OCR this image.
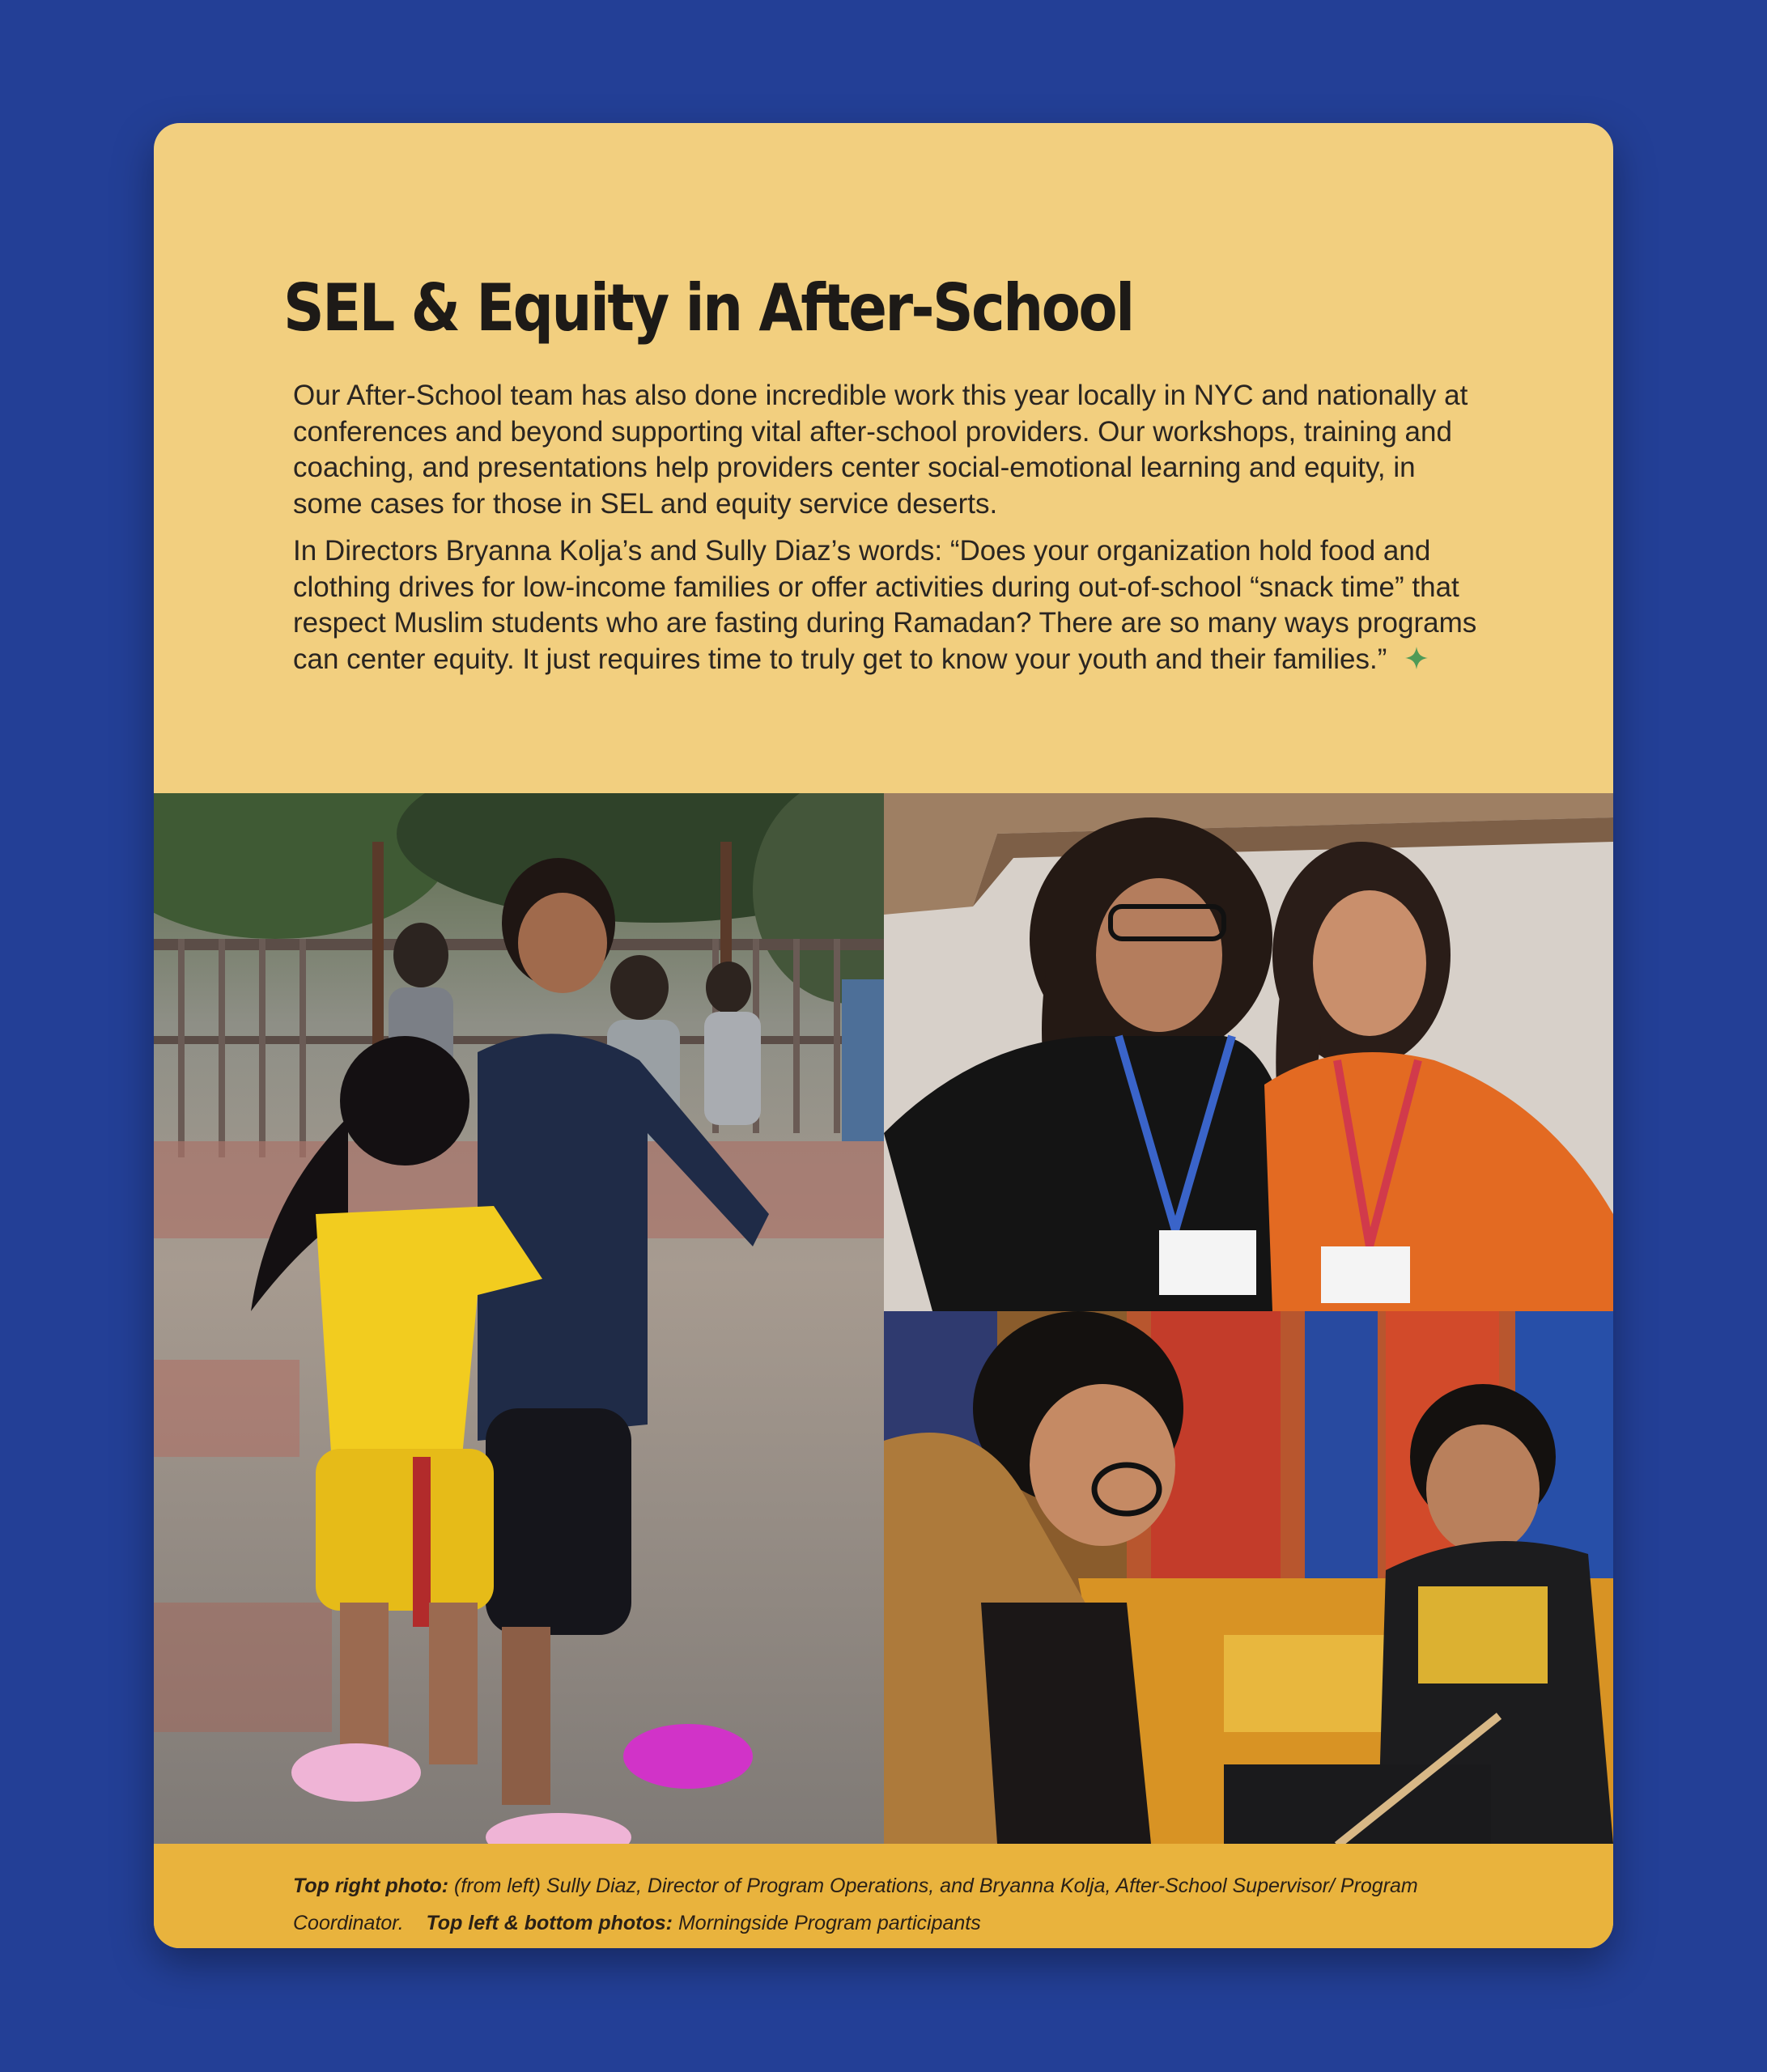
SEL & Equity in After-School

Our After-School team has also done incredible work this year locally in NYC and nationally at conferences and beyond supporting vital after-school providers. Our workshops, training and coaching, and presentations help providers center social-emotional learning and equity, in some cases for those in SEL and equity service deserts.

In Directors Bryanna Kolja’s and Sully Diaz’s words: “Does your organization hold food and clothing drives for low-income families or offer activities during out-of-school “snack time” that respect Muslim students who are fasting during Ramadan? There are so many ways programs can center equity. It just requires time to truly get to know your youth and their families.”

Top right photo: (from left) Sully Diaz, Director of Program Operations, and Bryanna Kolja, After-School Supervisor/ Program Coordinator. Top left & bottom photos: Morningside Program participants
